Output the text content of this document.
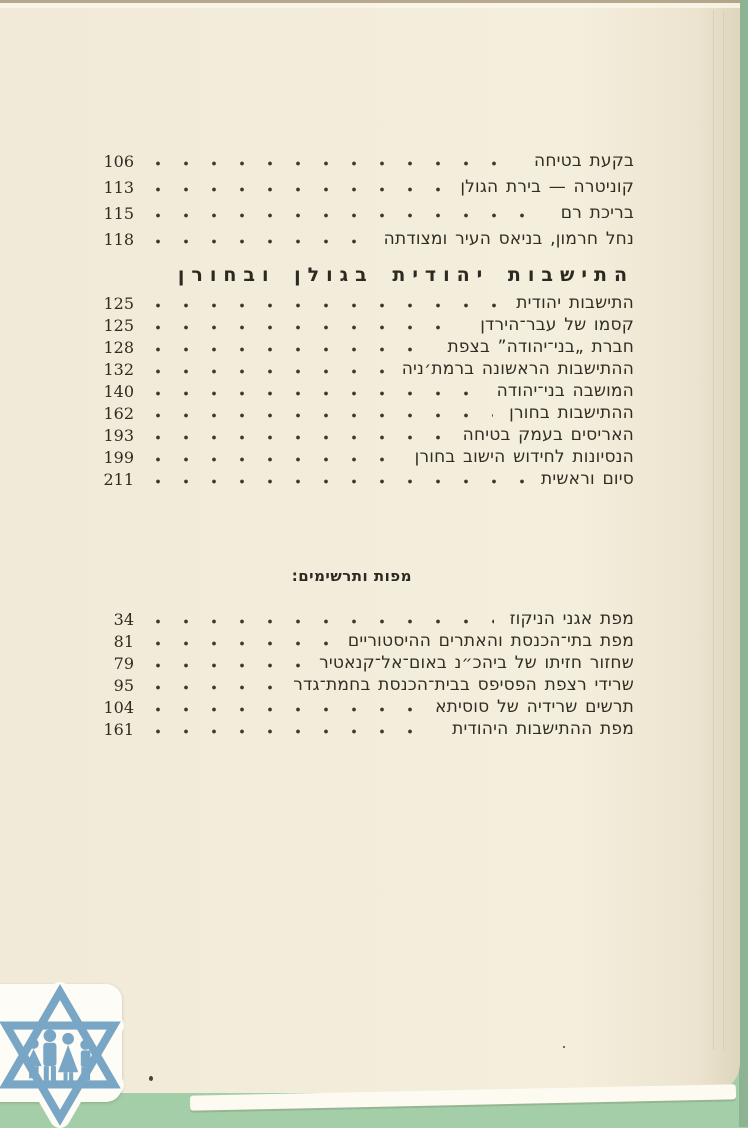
106	בקעת בטיחה
113	קוניטרה — בירת הגולן
115	בריכת רם
118	נחל חרמון, בניאס העיר ומצודתה
התישבות יהודית בגולן ובחורן
125	התישבות יהודית
125	קסמו של עבר־הירדן
128	חברת „בני־יהודה” בצפת
132	ההתישבות הראשונה ברמת׳ניה
140	המושבה בני־יהודה
162	ההתישבות בחורן
193	האריסים בעמק בטיחה
199	הנסיונות לחידוש הישוב בחורן
211	סיום וראשית
מפות ותרשימים:
34	מפת אגני הניקוז
81	מפת בתי־הכנסת והאתרים ההיסטוריים
79	שחזור חזיתו של ביהכ״נ באום־אל־קנאטיר
95	שרידי רצפת הפסיפס בבית־הכנסת בחמת־גדר
104	תרשים שרידיה של סוסיתא
161	מפת ההתישבות היהודית
